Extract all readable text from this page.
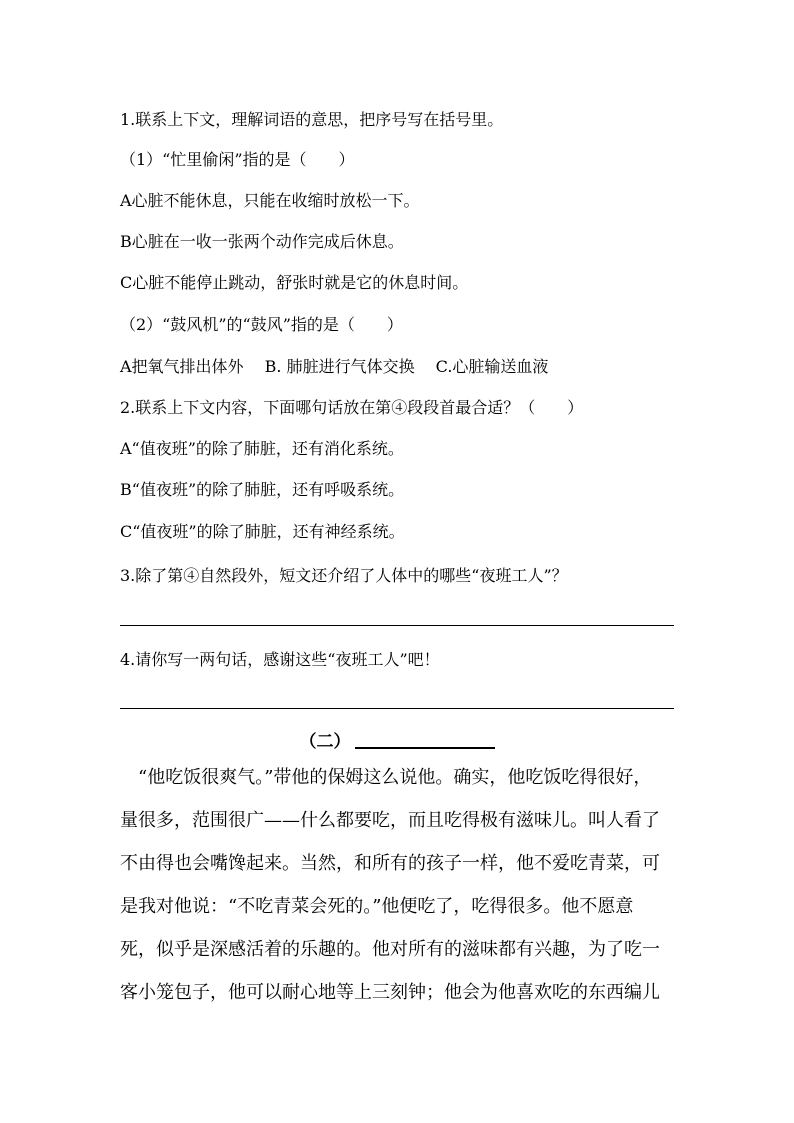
1.联系上下文，理解词语的意思，把序号写在括号里。
（1）“忙里偷闲”指的是（　　）
A心脏不能休息，只能在收缩时放松一下。
B心脏在一收一张两个动作完成后休息。
C心脏不能停止跳动，舒张时就是它的休息时间。
（2）“鼓风机”的“鼓风”指的是（　　）
A把氧气排出体外　 B. 肺脏进行气体交换　 C.心脏输送血液
2.联系上下文内容，下面哪句话放在第④段段首最合适？（　　）
A“值夜班”的除了肺脏，还有消化系统。
B“值夜班”的除了肺脏，还有呼吸系统。
C“值夜班”的除了肺脏，还有神经系统。
3.除了第④自然段外，短文还介绍了人体中的哪些“夜班工人”？
4.请你写一两句话，感谢这些“夜班工人”吧！
（二）
　“他吃饭很爽气。”带他的保姆这么说他。确实，他吃饭吃得很好，
量很多，范围很广——什么都要吃，而且吃得极有滋味儿。叫人看了
不由得也会嘴馋起来。当然，和所有的孩子一样，他不爱吃青菜，可
是我对他说：“不吃青菜会死的。”他便吃了，吃得很多。他不愿意
死，似乎是深感活着的乐趣的。他对所有的滋味都有兴趣，为了吃一
客小笼包子，他可以耐心地等上三刻钟；他会为他喜欢吃的东西编儿
